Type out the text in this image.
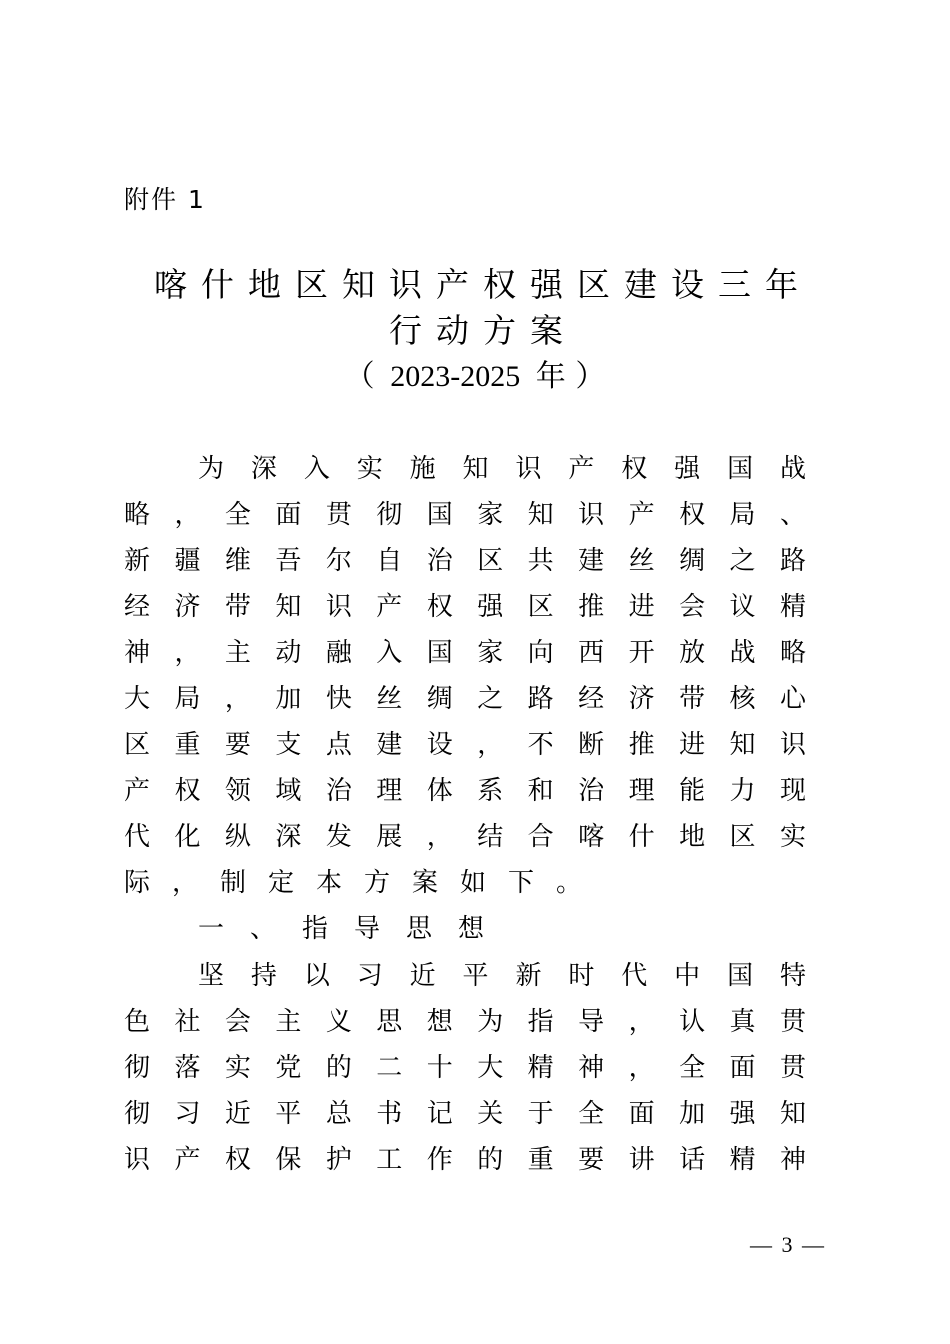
附件 1
喀什地区知识产权强区建设三年
行动方案
（ 2023-2025 年 ）
为​深​入​实​施​知​识​产​权​强​国​战
略​，​全​面​贯​彻​国​家​知​识​产​权​局​、
新​疆​维​吾​尔​自​治​区​共​建​丝​绸​之​路
经​济​带​知​识​产​权​强​区​推​进​会​议​精
神​，​主​动​融​入​国​家​向​西​开​放​战​略
大​局​，​加​快​丝​绸​之​路​经​济​带​核​心
区​重​要​支​点​建​设​，​不​断​推​进​知​识
产​权​领​域​治​理​体​系​和​治​理​能​力​现
代​化​纵​深​发​展​，​结​合​喀​什​地​区​实
际，制定本方案如下。
一、指导思想
坚​持​以​习​近​平​新​时​代​中​国​特
色​社​会​主​义​思​想​为​指​导​，​认​真​贯
彻​落​实​党​的​二​十​大​精​神​，​全​面​贯
彻​习​近​平​总​书​记​关​于​全​面​加​强​知
识​产​权​保​护​工​作​的​重​要​讲​话​精​神
— 3 —
